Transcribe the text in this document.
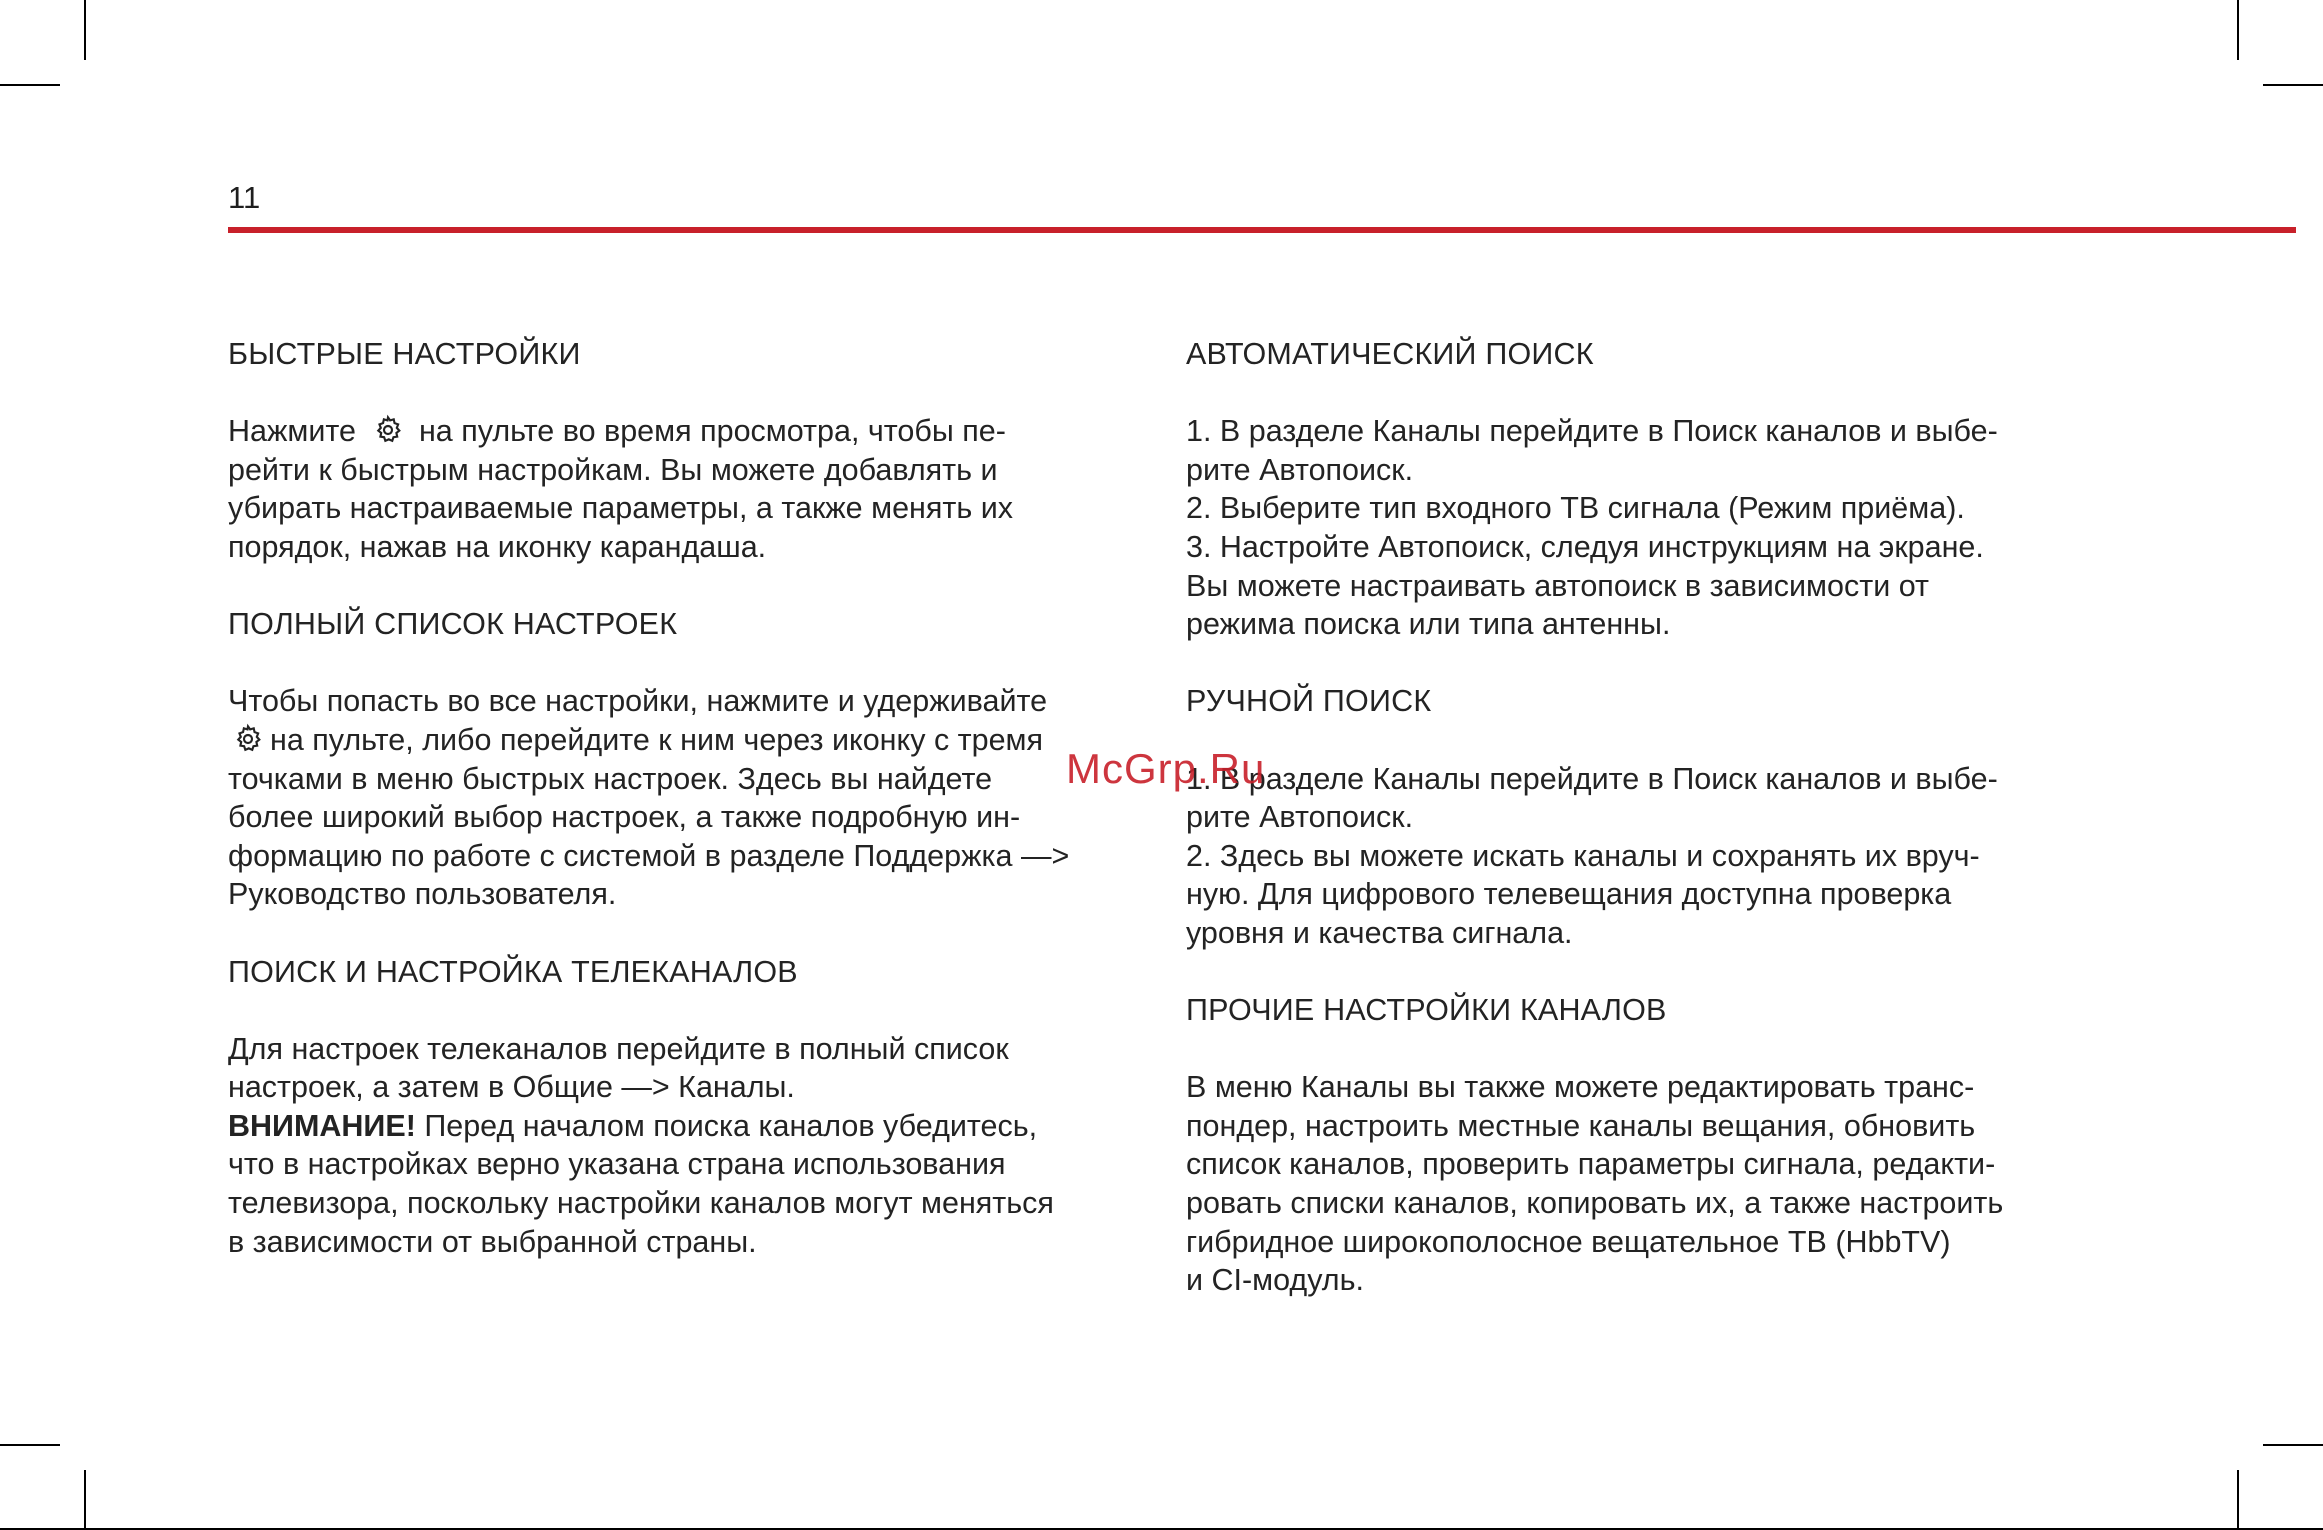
11

БЫСТРЫЕ НАСТРОЙКИ

Нажмите на пульте во время просмотра, чтобы пе-

рейти к быстрым настройкам. Вы можете добавлять и

убирать настраиваемые параметры, а также менять их

порядок, нажав на иконку карандаша.

ПОЛНЫЙ СПИСОК НАСТРОЕК

Чтобы попасть во все настройки, нажмите и удерживайте

на пульте, либо перейдите к ним через иконку с тремя

точками в меню быстрых настроек. Здесь вы найдете

более широкий выбор настроек, а также подробную ин-

формацию по работе с системой в разделе Поддержка —>

Руководство пользователя.

ПОИСК И НАСТРОЙКА ТЕЛЕКАНАЛОВ

Для настроек телеканалов перейдите в полный список

настроек, а затем в Общие —> Каналы.

ВНИМАНИЕ! Перед началом поиска каналов убедитесь,

что в настройках верно указана страна использования

телевизора, поскольку настройки каналов могут меняться

в зависимости от выбранной страны.

АВТОМАТИЧЕСКИЙ ПОИСК

1. В разделе Каналы перейдите в Поиск каналов и выбе-

рите Автопоиск.

2. Выберите тип входного ТВ сигнала (Режим приёма).

3. Настройте Автопоиск, следуя инструкциям на экране.

Вы можете настраивать автопоиск в зависимости от

режима поиска или типа антенны.

РУЧНОЙ ПОИСК

1. В разделе Каналы перейдите в Поиск каналов и выбе-

рите Автопоиск.

2. Здесь вы можете искать каналы и сохранять их вруч-

ную. Для цифрового телевещания доступна проверка

уровня и качества сигнала.

ПРОЧИЕ НАСТРОЙКИ КАНАЛОВ

В меню Каналы вы также можете редактировать транс-

пондер, настроить местные каналы вещания, обновить

список каналов, проверить параметры сигнала, редакти-

ровать списки каналов, копировать их, а также настроить

гибридное широкополосное вещательное ТВ (HbbTV)

и CI-модуль.

McGrp.Ru
